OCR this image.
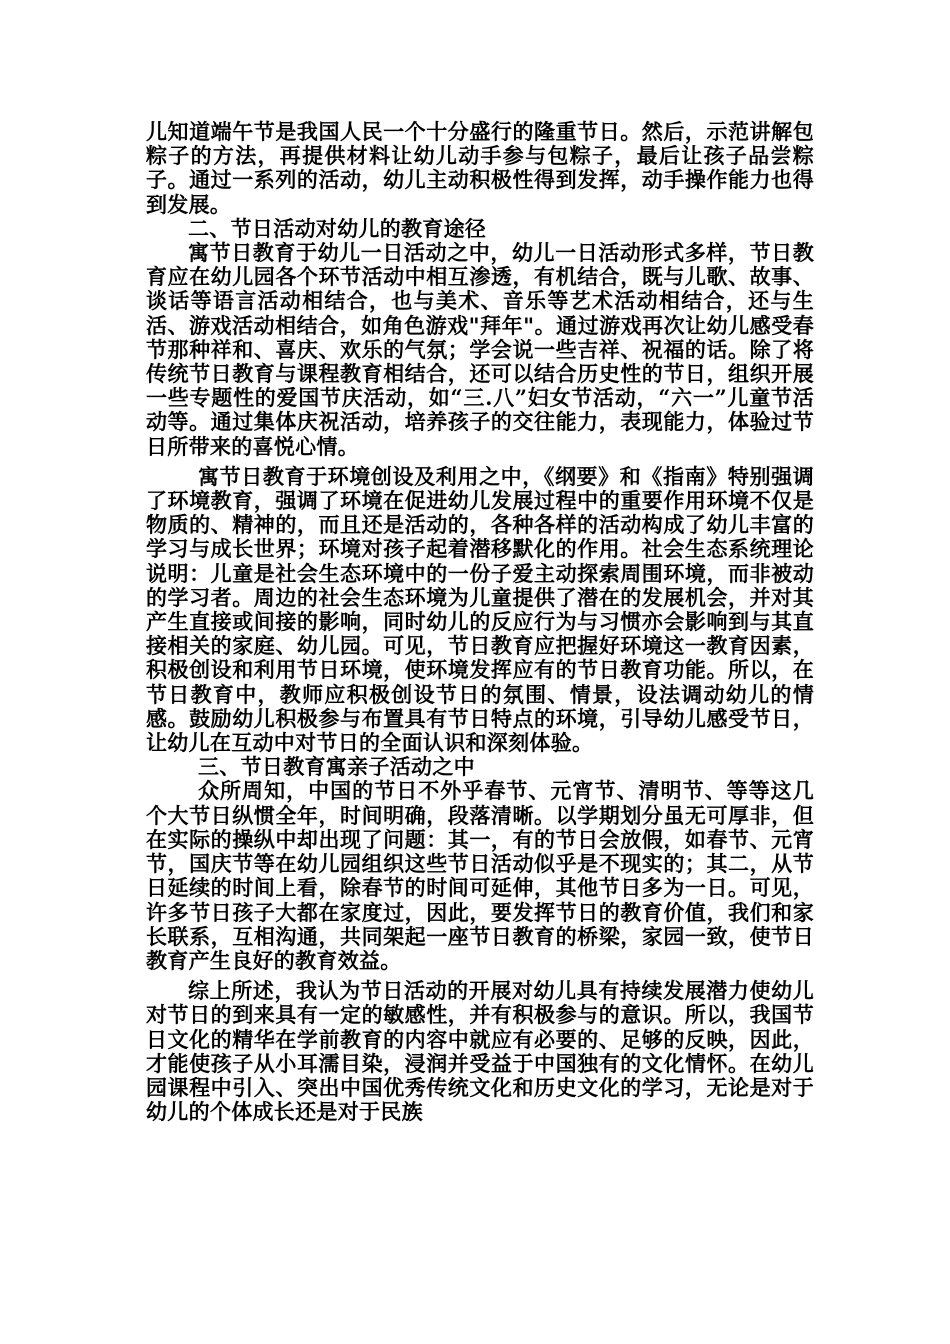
儿知道端午节是我国人民一个十分盛行的隆重节日。然后，示范讲解包粽子的方法，再提供材料让幼儿动手参与包粽子，最后让孩子品尝粽子。通过一系列的活动，幼儿主动积极性得到发挥，动手操作能力也得到发展。

二、节日活动对幼儿的教育途径

寓节日教育于幼儿一日活动之中，幼儿一日活动形式多样，节日教育应在幼儿园各个环节活动中相互渗透，有机结合，既与儿歌、故事、谈话等语言活动相结合，也与美术、音乐等艺术活动相结合，还与生活、游戏活动相结合，如角色游戏"拜年"。通过游戏再次让幼儿感受春节那种祥和、喜庆、欢乐的气氛；学会说一些吉祥、祝福的话。除了将传统节日教育与课程教育相结合，还可以结合历史性的节日，组织开展一些专题性的爱国节庆活动，如“三.八”妇女节活动，“六一”儿童节活动等。通过集体庆祝活动，培养孩子的交往能力，表现能力，体验过节日所带来的喜悦心情。

寓节日教育于环境创设及利用之中，《纲要》和《指南》特别强调了环境教育，强调了环境在促进幼儿发展过程中的重要作用环境不仅是物质的、精神的，而且还是活动的，各种各样的活动构成了幼儿丰富的学习与成长世界；环境对孩子起着潜移默化的作用。社会生态系统理论说明：儿童是社会生态环境中的一份子爱主动探索周围环境，而非被动的学习者。周边的社会生态环境为儿童提供了潜在的发展机会，并对其产生直接或间接的影响，同时幼儿的反应行为与习惯亦会影响到与其直接相关的家庭、幼儿园。可见，节日教育应把握好环境这一教育因素，积极创设和利用节日环境，使环境发挥应有的节日教育功能。所以，在节日教育中，教师应积极创设节日的氛围、情景，设法调动幼儿的情感。鼓励幼儿积极参与布置具有节日特点的环境，引导幼儿感受节日，让幼儿在互动中对节日的全面认识和深刻体验。

三、节日教育寓亲子活动之中

众所周知，中国的节日不外乎春节、元宵节、清明节、等等这几个大节日纵惯全年，时间明确，段落清晰。以学期划分虽无可厚非，但在实际的操纵中却出现了问题：其一，有的节日会放假，如春节、元宵节，国庆节等在幼儿园组织这些节日活动似乎是不现实的；其二，从节日延续的时间上看，除春节的时间可延伸，其他节日多为一日。可见，许多节日孩子大都在家度过，因此，要发挥节日的教育价值，我们和家长联系，互相沟通，共同架起一座节日教育的桥梁，家园一致，使节日教育产生良好的教育效益。

综上所述，我认为节日活动的开展对幼儿具有持续发展潜力使幼儿对节日的到来具有一定的敏感性，并有积极参与的意识。所以，我国节日文化的精华在学前教育的内容中就应有必要的、足够的反映，因此，才能使孩子从小耳濡目染，浸润并受益于中国独有的文化情怀。在幼儿园课程中引入、突出中国优秀传统文化和历史文化的学习，无论是对于幼儿的个体成长还是对于民族
